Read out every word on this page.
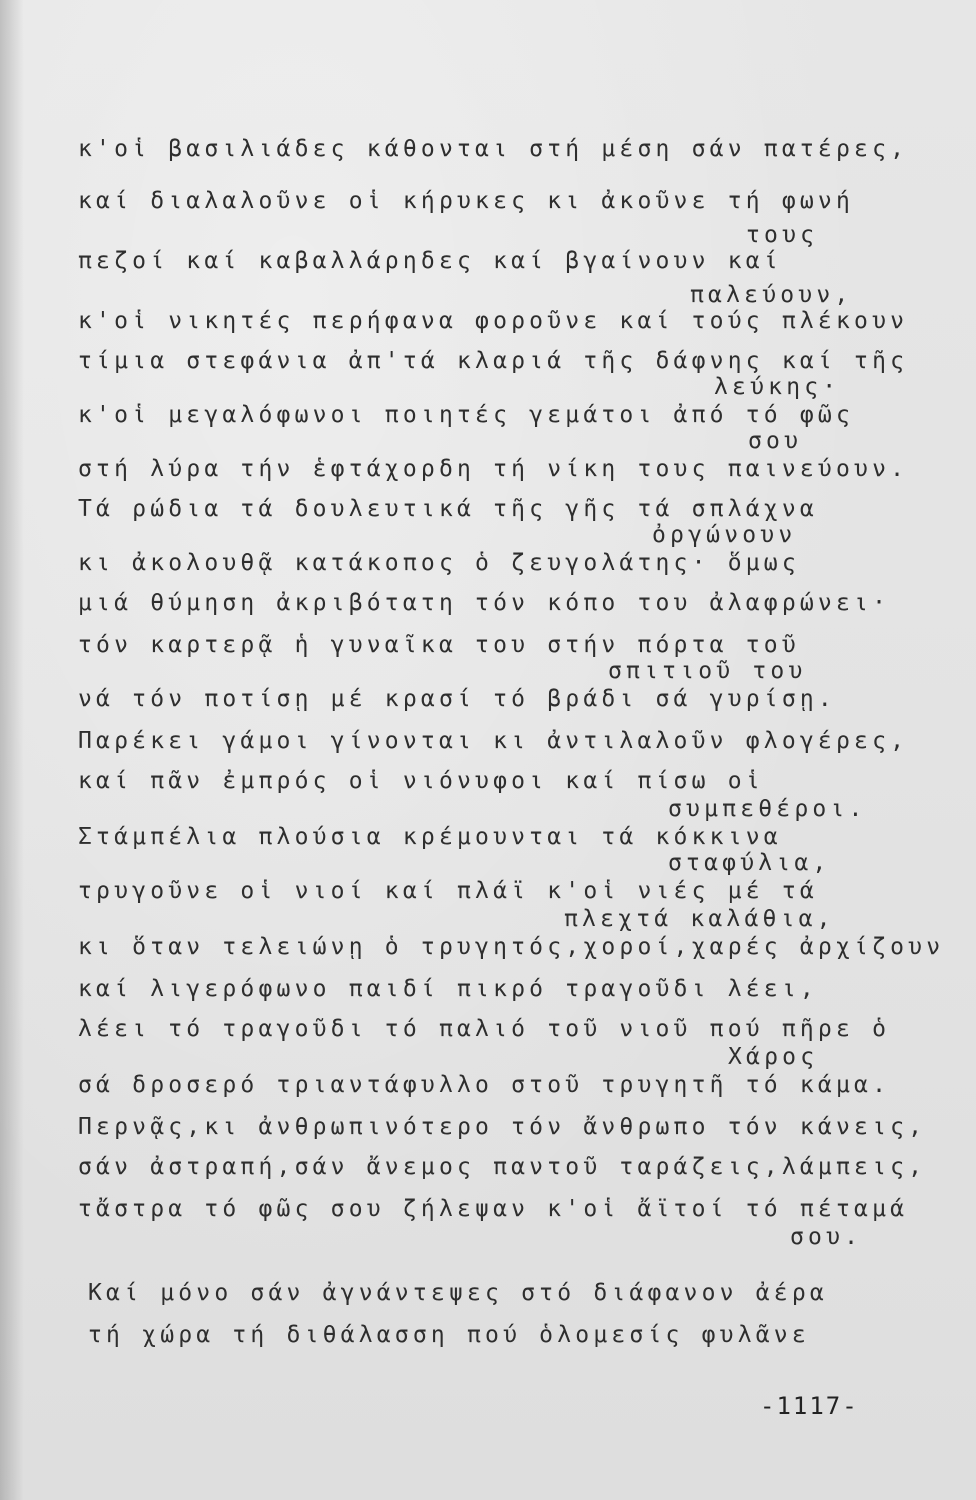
κ'οἱ βασιλιάδες κάθονται στή μέση σάν πατέρες,
καί διαλαλοῦνε οἱ κήρυκες κι ἀκοῦνε τή φωνή
τους
πεζοί καί καβαλλάρηδες καί βγαίνουν καί
παλεύουν,
κ'οἱ νικητές περήφανα φοροῦνε καί τούς πλέκουν
τίμια στεφάνια ἀπ'τά κλαριά τῆς δάφνης καί τῆς
λεύκης·
κ'οἱ μεγαλόφωνοι ποιητές γεμάτοι ἀπό τό φῶς
σου
στή λύρα τήν ἑφτάχορδη τή νίκη τους παινεύουν.
Τά ρώδια τά δουλευτικά τῆς γῆς τά σπλάχνα
ὀργώνουν
κι ἀκολουθᾷ κατάκοπος ὁ ζευγολάτης· ὅμως
μιά θύμηση ἀκριβότατη τόν κόπο του ἀλαφρώνει·
τόν καρτερᾷ ἡ γυναῖκα του στήν πόρτα τοῦ
σπιτιοῦ του
νά τόν ποτίσῃ μέ κρασί τό βράδι σά γυρίσῃ.
Παρέκει γάμοι γίνονται κι ἀντιλαλοῦν φλογέρες,
καί πᾶν ἐμπρός οἱ νιόνυφοι καί πίσω οἱ
συμπεθέροι.
Στάμπέλια πλούσια κρέμουνται τά κόκκινα
σταφύλια,
τρυγοῦνε οἱ νιοί καί πλάϊ κ'οἱ νιές μέ τά
πλεχτά καλάθια,
κι ὅταν τελειώνῃ ὁ τρυγητός,χοροί,χαρές ἀρχίζουν
καί λιγερόφωνο παιδί πικρό τραγοῦδι λέει,
λέει τό τραγοῦδι τό παλιό τοῦ νιοῦ πού πῆρε ὁ
Χάρος
σά δροσερό τριαντάφυλλο στοῦ τρυγητῆ τό κάμα.
Περνᾷς,κι ἀνθρωπινότερο τόν ἄνθρωπο τόν κάνεις,
σάν ἀστραπή,σάν ἄνεμος παντοῦ ταράζεις,λάμπεις,
τἄστρα τό φῶς σου ζήλεψαν κ'οἱ ἄϊτοί τό πέταμά
σου.
Καί μόνο σάν ἀγνάντεψες στό διάφανον ἀέρα
τή χώρα τή διθάλασση πού ὁλομεσίς φυλᾶνε
-1117-
